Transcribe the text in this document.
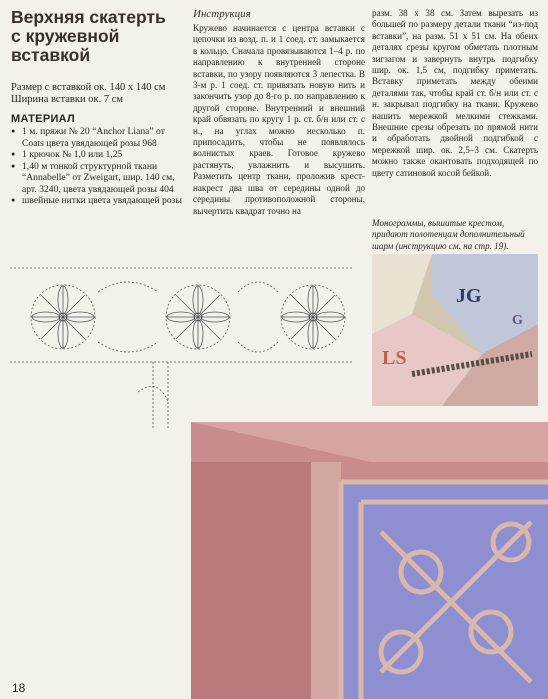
Верхняя скатерть
с кружевной вставкой
Размер с вставкой ок. 140 х 140 см
Ширина вставки ок. 7 см
МАТЕРИАЛ
● 1 м. пряжи № 20 “Anchor Liana” от Coats цвета увядающей розы 968
● 1 крючок № 1,0 или 1,25
● 1,40 м тонкой структурной ткани “Annabelle” от Zweigart, шир. 140 см, арт. 3240, цвета увядающей розы 404
● швейные нитки цвета увядающей розы
Инструкция
Кружево начинается с центра вставки с цепочки из возд. п. и 1 соед. ст. замыкается в кольцо. Сначала провязываются 1–4 р. по направлению к внутренней стороне вставки, по узору появляются 3 лепестка. В 3-м р. 1 соед. ст. привязать новую нить и закончить узор до 8-го р. по направлению к другой стороне. Внутренний и внешний край обвязать по кругу 1 р. ст. б/н или ст. с н., на углах можно несколько п. припосадить, чтобы не появлялось волнистых краев. Готовое кружево растянуть, увлажнить и высушить. Разметить центр ткани, проложив крест-накрест два шва от середины одной до середины противоположной стороны, вычертить квадрат точно на
разм. 38 х 38 см. Затем вырезать из большей по размеру детали ткани “из-под вставки”, на разм. 51 х 51 см. На обеих деталях срезы кругом обметать плотным зигзагом и завернуть внутрь подгибку шир. ок. 1,5 см, подгибку приметать. Вставку приметать между обеими деталями так, чтобы край ст. б/н или ст. с н. закрывал подгибку на ткани. Кружево нашить мережкой мелкими стежками. Внешние срезы обрезать по прямой нити и обработать двойной подгибкой с мережкой шир. ок. 2,5–3 см. Скатерть можно также окантовать подходящей по цвету сатиновой косой бейкой.
Монограммы, вышитые крестом, придают полотенцам дополнительный шарм (инструкцию см. на стр. 19).
JG
LS
G
18
